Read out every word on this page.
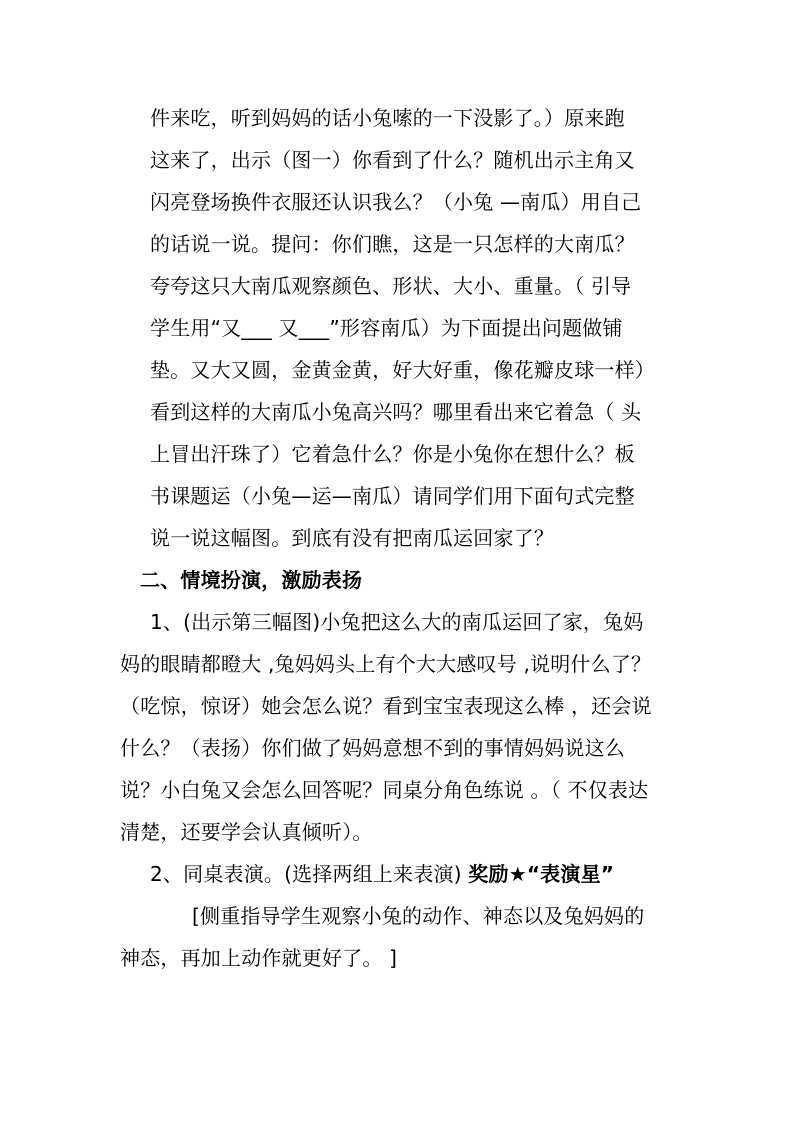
件来吃，听到妈妈的话小兔嗦的一下没影了。）原来跑
这来了，出示（图一）你看到了什么？随机出示主角又
闪亮登场换件衣服还认识我么？（小兔 —南瓜）用自己
的话说一说。提问：你们瞧，这是一只怎样的大南瓜？
夸夸这只大南瓜观察颜色、形状、大小、重量。（ 引导
学生用“又___ 又___”形容南瓜）为下面提出问题做铺
垫。又大又圆，金黄金黄，好大好重，像花瓣皮球一样）
看到这样的大南瓜小兔高兴吗？哪里看出来它着急（ 头
上冒出汗珠了）它着急什么？你是小兔你在想什么？板
书课题运（小兔—运—南瓜）请同学们用下面句式完整
说一说这幅图。到底有没有把南瓜运回家了？
二、情境扮演，激励表扬
1、(出示第三幅图)小兔把这么大的南瓜运回了家，兔妈
妈的眼睛都瞪大 ,兔妈妈头上有个大大感叹号 ,说明什么了？
（吃惊，惊讶）她会怎么说？看到宝宝表现这么棒 ，还会说
什么？（表扬）你们做了妈妈意想不到的事情妈妈说这么
说？小白兔又会怎么回答呢？同桌分角色练说 。（ 不仅表达
清楚，还要学会认真倾听）。
2、同桌表演。(选择两组上来表演) 奖励★“表演星”
[侧重指导学生观察小兔的动作、神态以及兔妈妈的
神态，再加上动作就更好了。 ]
